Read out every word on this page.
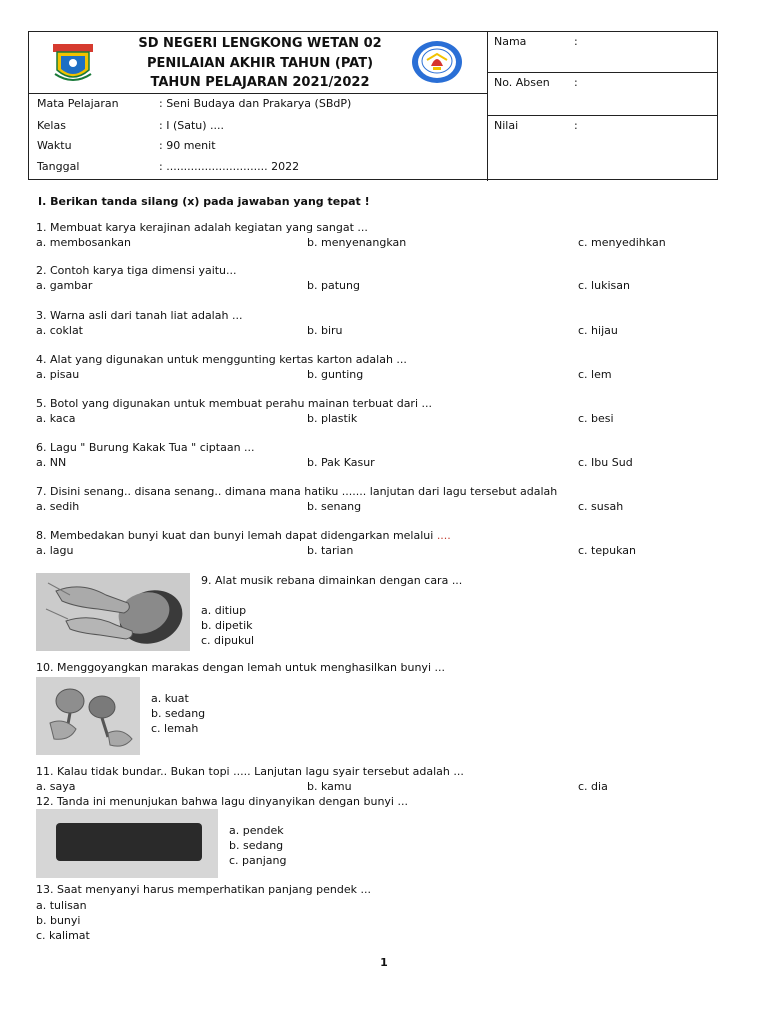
SD NEGERI LENGKONG WETAN 02
PENILAIAN AKHIR TAHUN (PAT)
TAHUN PELAJARAN 2021/2022
Mata Pelajaran	: Seni Budaya dan Prakarya (SBdP)
Kelas	: I (Satu) ....
Waktu	: 90 menit
Tanggal	: ............................. 2022
Nama	:
No. Absen :
Nilai	:
I. Berikan tanda silang (x) pada jawaban yang tepat !
1. Membuat karya kerajinan adalah kegiatan yang sangat ...
a. membosankan	b. menyenangkan	c. menyedihkan
2. Contoh karya tiga dimensi yaitu...
a. gambar	b. patung	c. lukisan
3. Warna asli dari tanah liat adalah ...
a. coklat	b. biru	c. hijau
4. Alat yang digunakan untuk menggunting kertas karton adalah ...
a. pisau	b. gunting	c. lem
5. Botol yang digunakan untuk membuat perahu mainan terbuat dari ...
a. kaca	b. plastik	c. besi
6. Lagu " Burung Kakak Tua " ciptaan ...
a. NN	b. Pak Kasur	c. Ibu Sud
7. Disini senang.. disana senang.. dimana mana hatiku ....... lanjutan dari lagu tersebut adalah
a. sedih	b. senang	c. susah
8. Membedakan bunyi kuat dan bunyi lemah dapat didengarkan melalui ....
a. lagu	b. tarian	c. tepukan
9. Alat musik rebana dimainkan dengan cara ...
a. ditiup
b. dipetik
c. dipukul
10. Menggoyangkan marakas dengan lemah untuk menghasilkan bunyi ...
a. kuat
b. sedang
c. lemah
11. Kalau tidak bundar.. Bukan topi ..... Lanjutan lagu syair tersebut adalah ...
a. saya	b. kamu	c. dia
12. Tanda ini menunjukan bahwa lagu dinyanyikan dengan bunyi ...
a. pendek
b. sedang
c. panjang
13. Saat menyanyi harus memperhatikan panjang pendek ...
a. tulisan
b. bunyi
c. kalimat
1
